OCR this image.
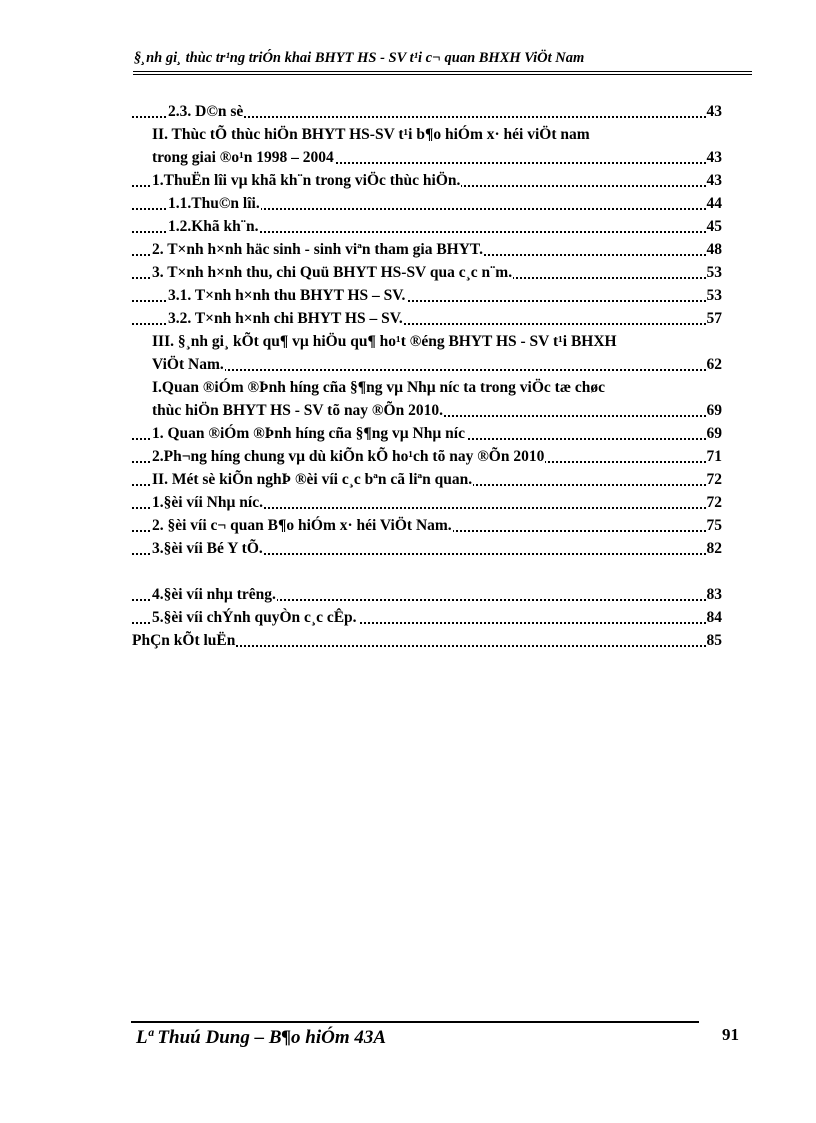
§¸nh gi¸ thùc tr¹ng triÓn khai BHYT HS - SV t¹i c¬ quan BHXH ViÖt Nam
2.3. D©n sè	43
II. Thùc tÕ thùc hiÖn BHYT HS-SV t¹i b¶o hiÓm x· héi viÖt nam
trong giai ®o¹n 1998 – 2004	43
1.ThuËn lîi vµ khã kh¨n trong viÖc thùc hiÖn.	43
1.1.Thu©n lîi.	44
1.2.Khã kh¨n.	45
2. T×nh h×nh häc sinh - sinh viªn tham gia BHYT.	48
3. T×nh h×nh thu, chi Quü BHYT HS-SV qua c¸c n¨m.	53
3.1. T×nh h×nh thu BHYT HS – SV.	53
3.2. T×nh h×nh chi BHYT HS – SV.	57
III. §¸nh gi¸ kÕt qu¶ vµ hiÖu qu¶ ho¹t ®éng BHYT HS - SV t¹i BHXH
ViÖt Nam.	62
I.Quan ®iÓm ®Þnh híng cña §¶ng vµ Nhµ níc ta trong viÖc tæ chøc
thùc hiÖn BHYT HS - SV tõ nay ®Õn 2010.	69
1. Quan ®iÓm ®Þnh híng cña §¶ng vµ Nhµ níc	69
2.Ph¬ng híng chung vµ dù kiÕn kÕ ho¹ch tõ nay ®Õn 2010	71
II. Mét sè kiÕn nghÞ ®èi víi c¸c bªn cã liªn quan.	72
1.§èi víi Nhµ níc.	72
2. §èi víi c¬ quan B¶o hiÓm x· héi ViÖt Nam.	75
3.§èi víi Bé Y tÕ.	82
4.§èi víi nhµ trêng.	83
5.§èi víi chÝnh quyÒn c¸c cÊp.	84
PhÇn kÕt luËn	85
Lª Thuú Dung – B¶o hiÓm 43A	91
